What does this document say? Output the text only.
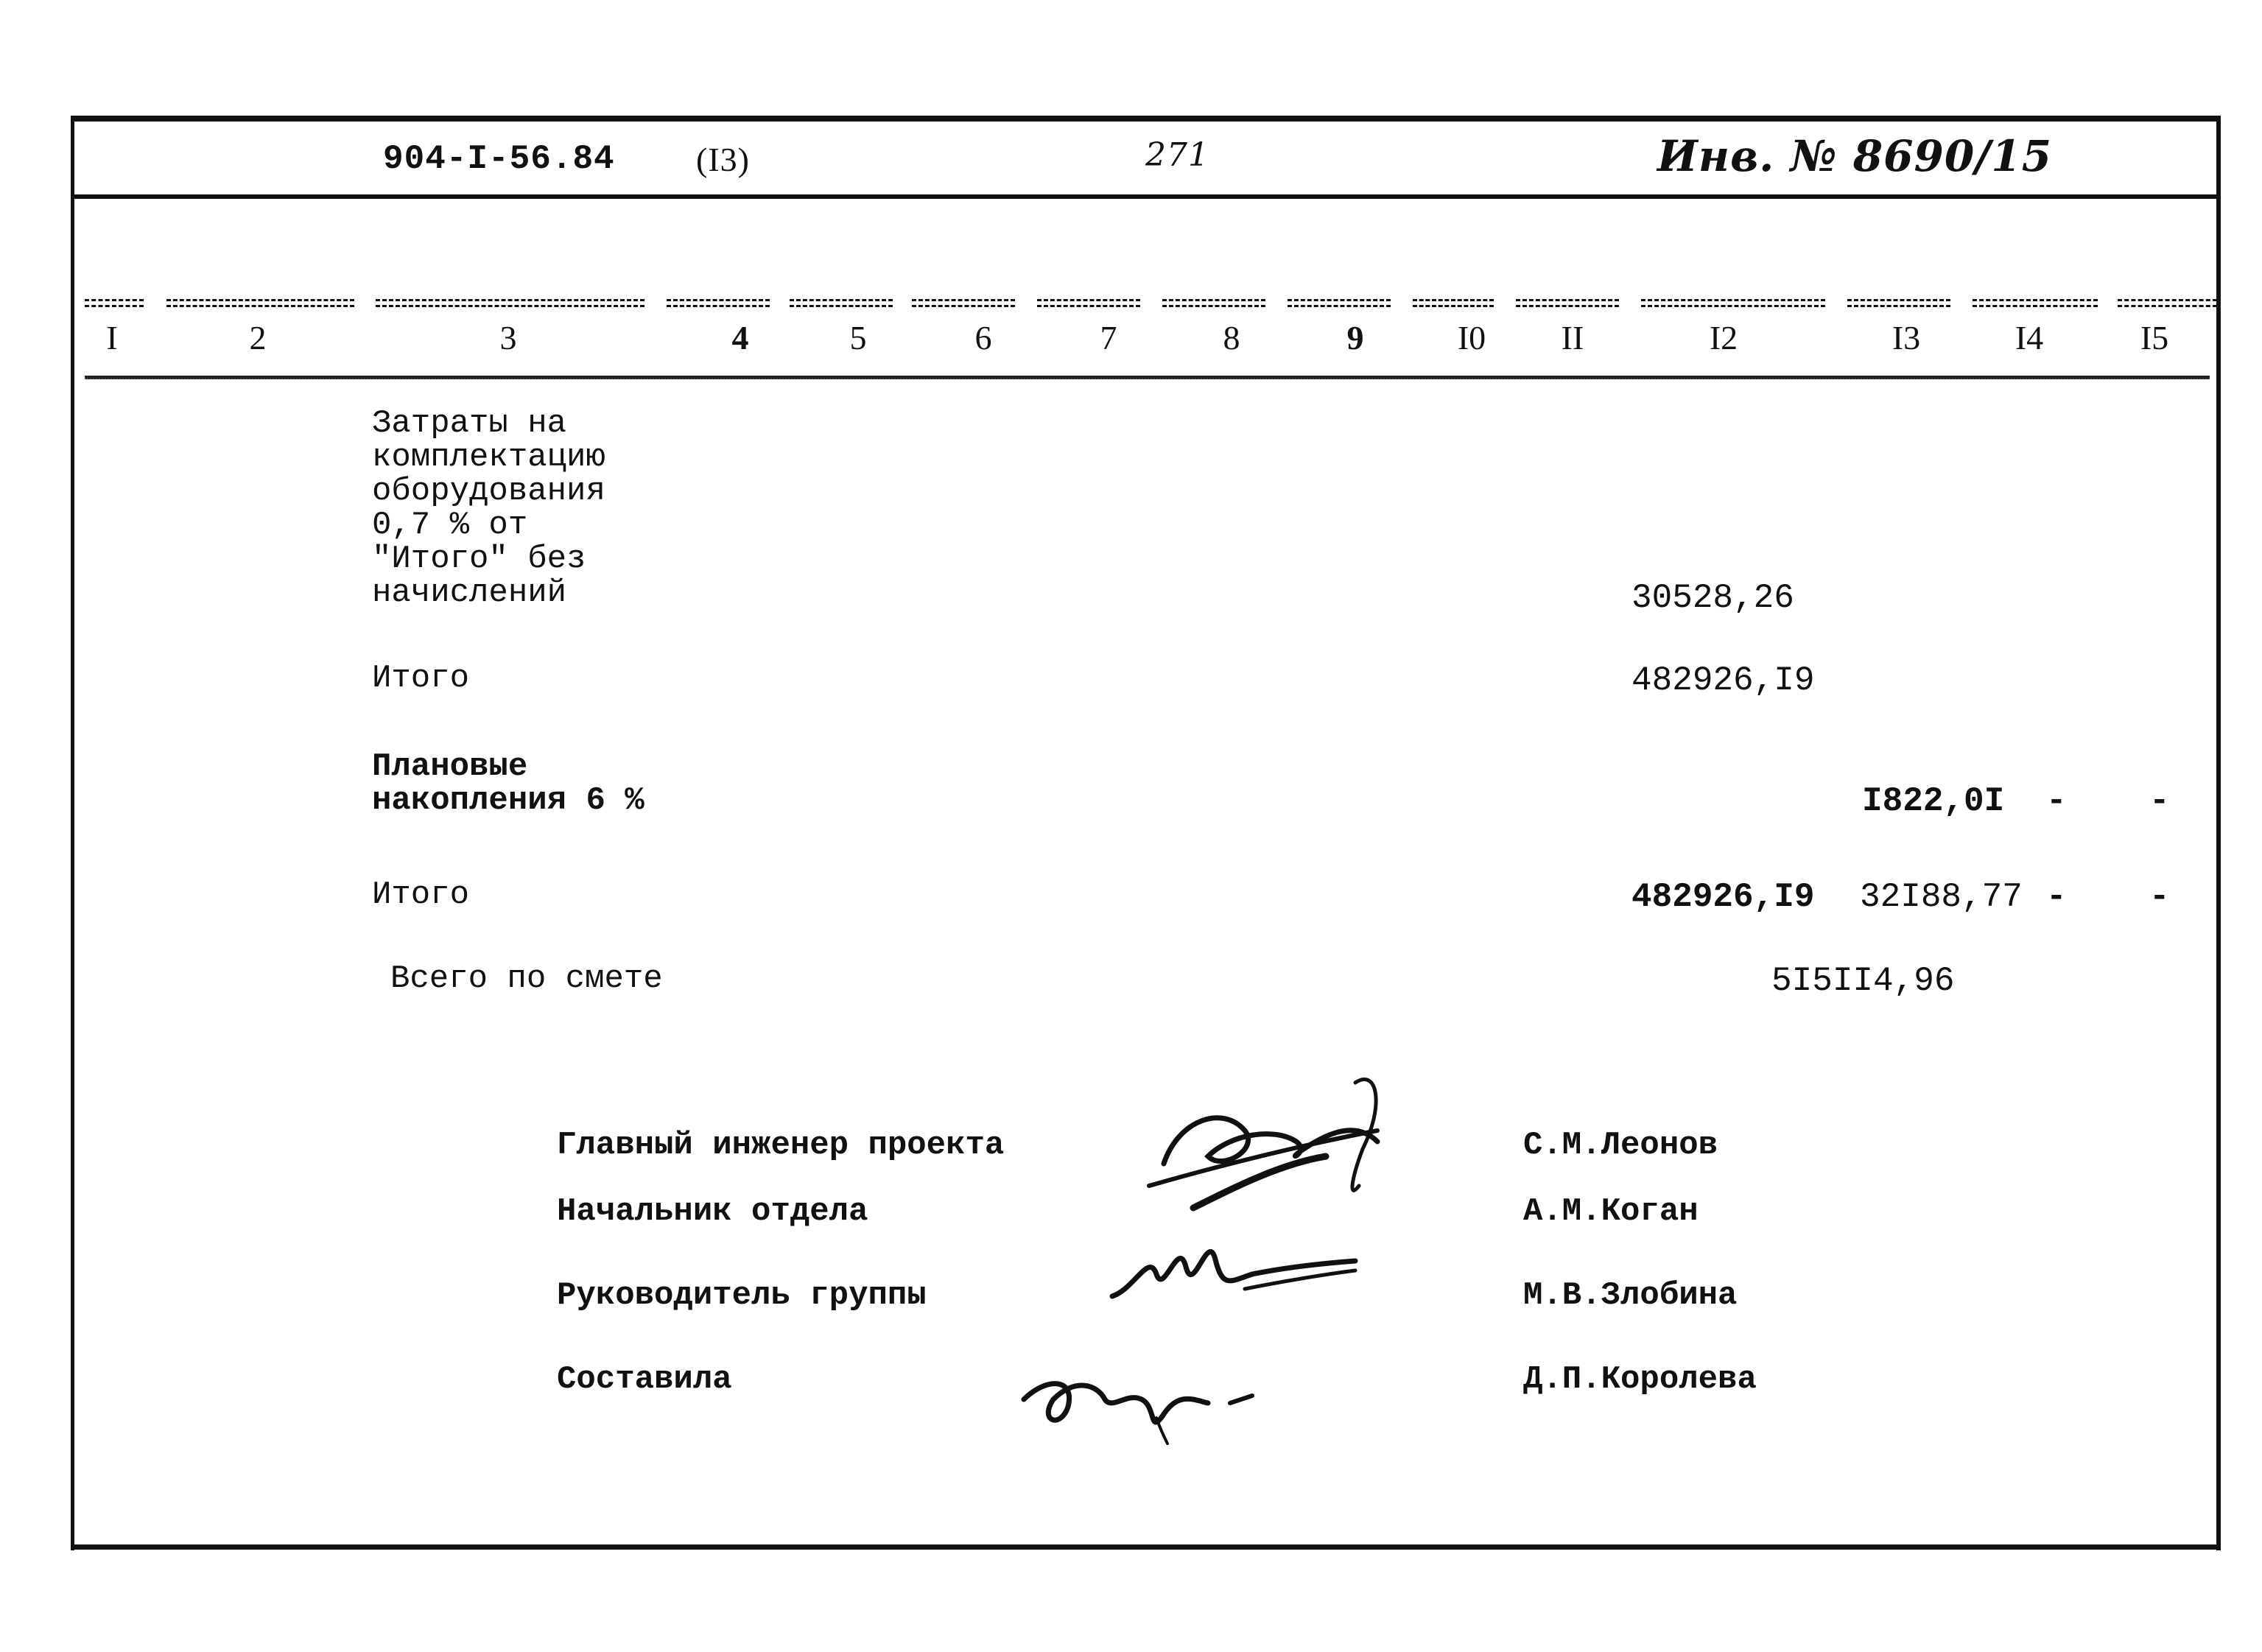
904-I-56.84 (I3)	271	Инв. № 8690/15
I	2	3	4	5	6	7	8	9	I0	II	I2	I3	I4	I5
Затраты на
комплектацию
оборудования
0,7 % от
"Итого" без
начислений	30528,26
Итого	482926,I9
Плановые
накопления 6 %	I822,0I - -
Итого	482926,I9 32I88,77 - -
Всего по смете	5I5II4,96
Главный инженер проекта	С.М.Леонов
Начальник отдела	А.М.Коган
Руководитель группы	М.В.Злобина
Составила	Д.П.Королева
